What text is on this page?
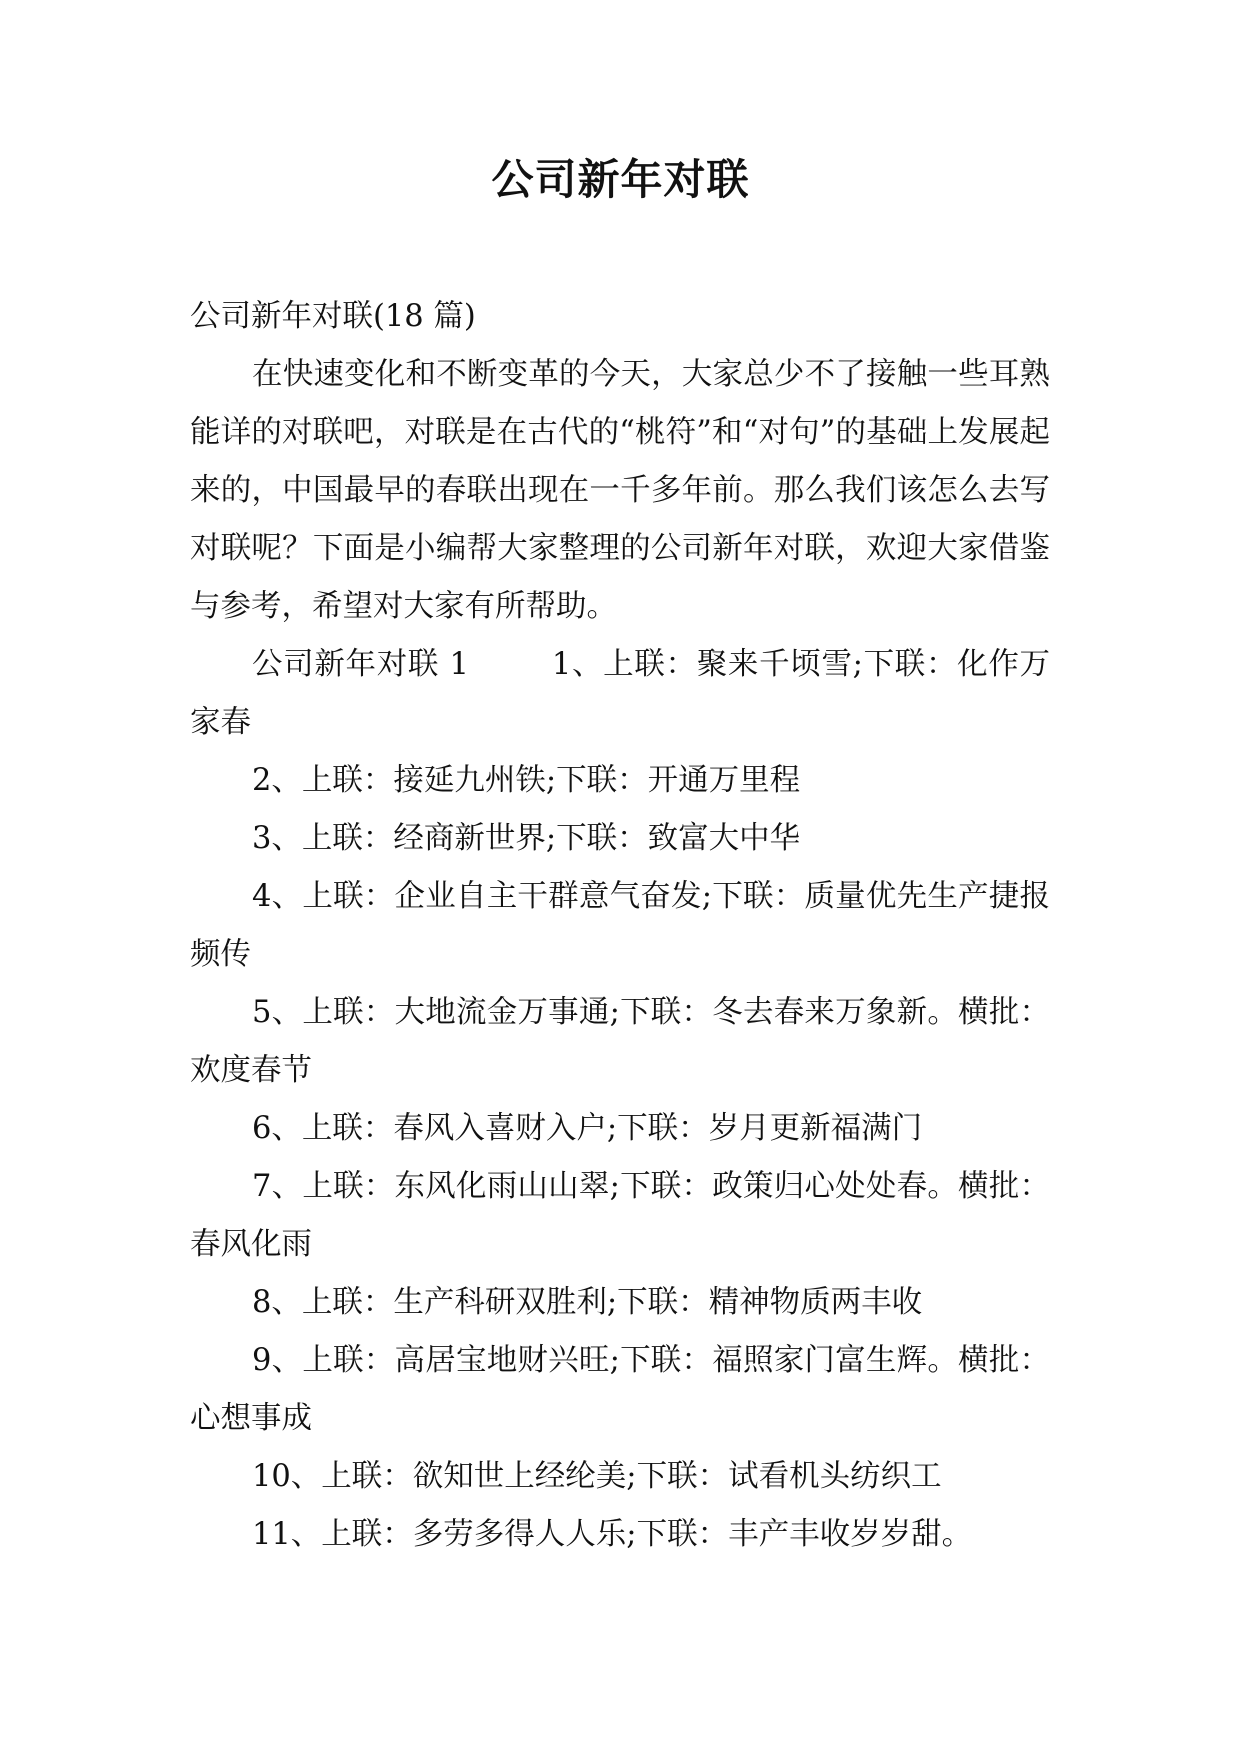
公司新年对联

公司新年对联(18 篇)

在快速变化和不断变革的今天，大家总少不了接触一些耳熟能详的对联吧，对联是在古代的“桃符”和“对句”的基础上发展起来的，中国最早的春联出现在一千多年前。那么我们该怎么去写对联呢？下面是小编帮大家整理的公司新年对联，欢迎大家借鉴与参考，希望对大家有所帮助。

公司新年对联 1	1、上联：聚来千顷雪;下联：化作万家春

2、上联：接延九州铁;下联：开通万里程

3、上联：经商新世界;下联：致富大中华

4、上联：企业自主干群意气奋发;下联：质量优先生产捷报频传

5、上联：大地流金万事通;下联：冬去春来万象新。横批：欢度春节

6、上联：春风入喜财入户;下联：岁月更新福满门

7、上联：东风化雨山山翠;下联：政策归心处处春。横批：春风化雨

8、上联：生产科研双胜利;下联：精神物质两丰收

9、上联：高居宝地财兴旺;下联：福照家门富生辉。横批：心想事成

10、上联：欲知世上经纶美;下联：试看机头纺织工

11、上联：多劳多得人人乐;下联：丰产丰收岁岁甜。
